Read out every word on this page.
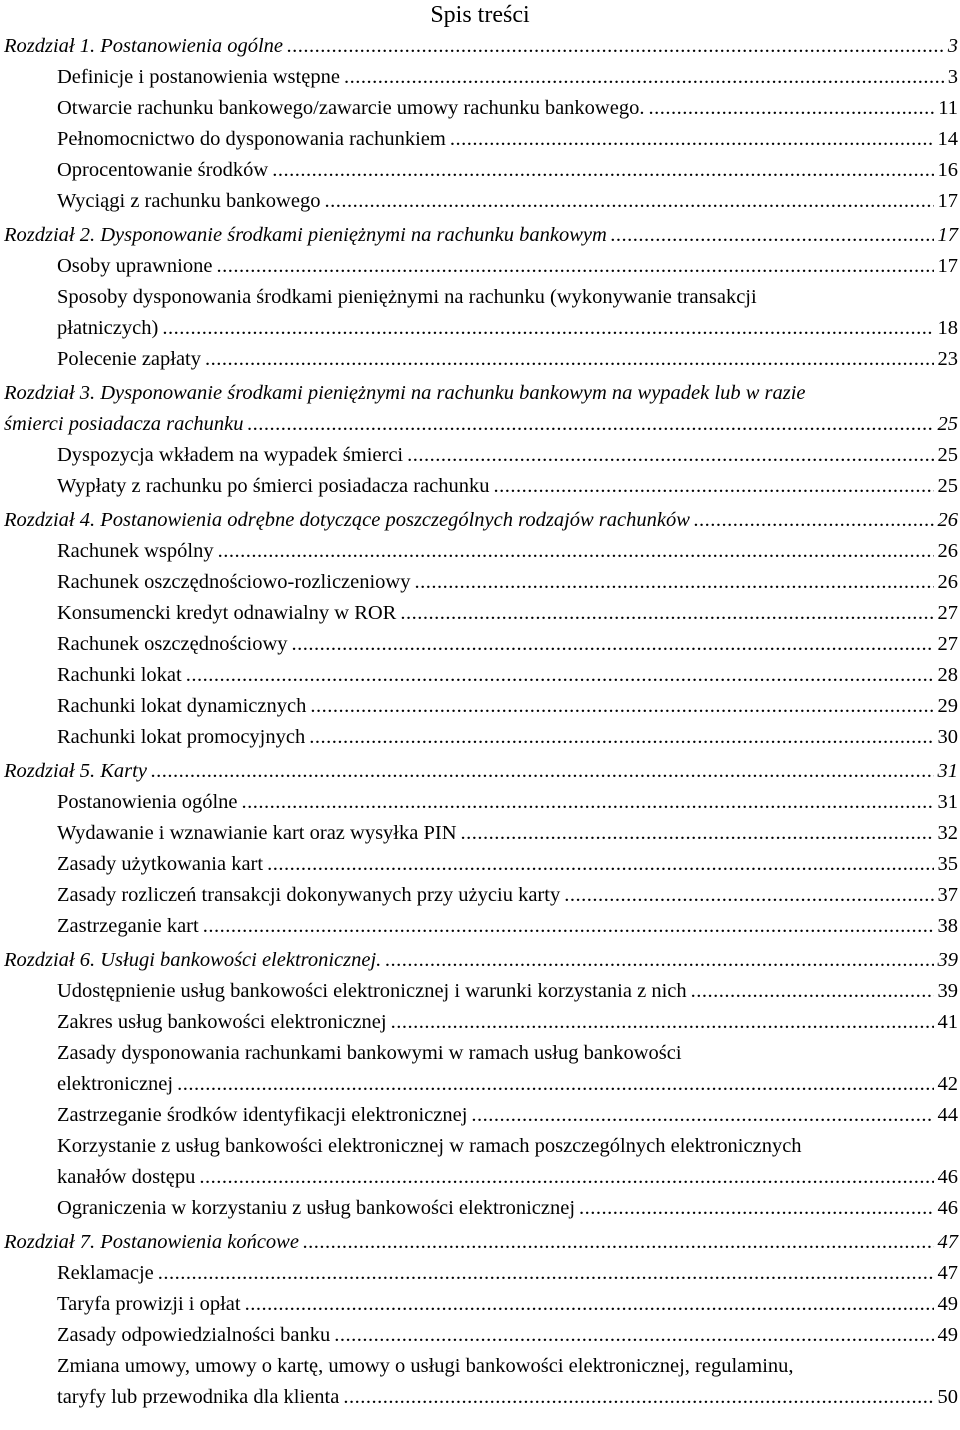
Spis treści
Rozdział 1. Postanowienia ogólne .....	3
Definicje i postanowienia wstępne .....	3
Otwarcie rachunku bankowego/zawarcie umowy rachunku bankowego. .....	11
Pełnomocnictwo do dysponowania rachunkiem .....	14
Oprocentowanie środków .....	16
Wyciągi z rachunku bankowego .....	17
Rozdział 2. Dysponowanie środkami pieniężnymi na rachunku bankowym .....	17
Osoby uprawnione .....	17
Sposoby dysponowania środkami pieniężnymi na rachunku (wykonywanie transakcji
płatniczych) .....	18
Polecenie zapłaty .....	23
Rozdział 3. Dysponowanie środkami pieniężnymi na rachunku bankowym na wypadek lub w razie
śmierci posiadacza rachunku .....	25
Dyspozycja wkładem na wypadek śmierci .....	25
Wypłaty z rachunku po śmierci posiadacza rachunku .....	25
Rozdział 4. Postanowienia odrębne dotyczące poszczególnych rodzajów rachunków .....	26
Rachunek wspólny .....	26
Rachunek oszczędnościowo-rozliczeniowy .....	26
Konsumencki kredyt odnawialny w ROR .....	27
Rachunek oszczędnościowy .....	27
Rachunki lokat .....	28
Rachunki lokat dynamicznych .....	29
Rachunki lokat promocyjnych .....	30
Rozdział 5. Karty .....	31
Postanowienia ogólne .....	31
Wydawanie i wznawianie kart oraz wysyłka PIN .....	32
Zasady użytkowania kart .....	35
Zasady rozliczeń transakcji dokonywanych przy użyciu karty .....	37
Zastrzeganie kart .....	38
Rozdział 6. Usługi bankowości elektronicznej. .....	39
Udostępnienie usług bankowości elektronicznej i warunki korzystania z nich .....	39
Zakres usług bankowości elektronicznej .....	41
Zasady dysponowania rachunkami bankowymi w ramach usług bankowości
elektronicznej .....	42
Zastrzeganie środków identyfikacji elektronicznej .....	44
Korzystanie z usług bankowości elektronicznej w ramach poszczególnych elektronicznych
kanałów dostępu .....	46
Ograniczenia w korzystaniu z usług bankowości elektronicznej .....	46
Rozdział 7. Postanowienia końcowe .....	47
Reklamacje .....	47
Taryfa prowizji i opłat .....	49
Zasady odpowiedzialności banku .....	49
Zmiana umowy, umowy o kartę, umowy o usługi bankowości elektronicznej, regulaminu,
taryfy lub przewodnika dla klienta .....	50
